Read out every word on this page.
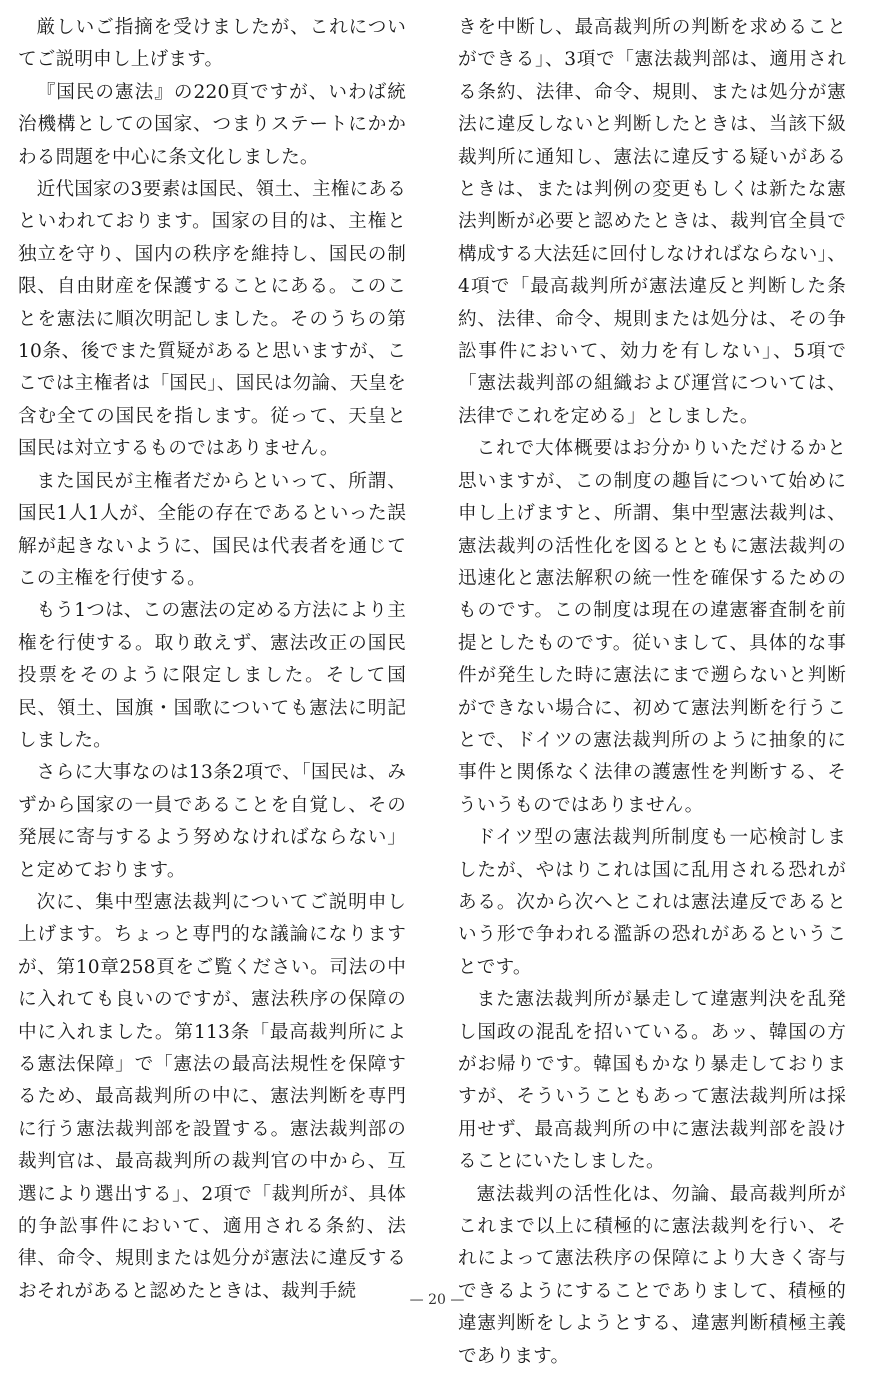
厳しいご指摘を受けましたが、これについてご説明申し上げます。

『国民の憲法』の220頁ですが、いわば統治機構としての国家、つまりステートにかかわる問題を中心に条文化しました。

近代国家の3要素は国民、領土、主権にあるといわれております。国家の目的は、主権と独立を守り、国内の秩序を維持し、国民の制限、自由財産を保護することにある。このことを憲法に順次明記しました。そのうちの第10条、後でまた質疑があると思いますが、ここでは主権者は「国民」、国民は勿論、天皇を含む全ての国民を指します。従って、天皇と国民は対立するものではありません。

また国民が主権者だからといって、所謂、国民1人1人が、全能の存在であるといった誤解が起きないように、国民は代表者を通じてこの主権を行使する。

もう1つは、この憲法の定める方法により主権を行使する。取り敢えず、憲法改正の国民投票をそのように限定しました。そして国民、領土、国旗・国歌についても憲法に明記しました。

さらに大事なのは13条2項で、「国民は、みずから国家の一員であることを自覚し、その発展に寄与するよう努めなければならない」と定めております。

次に、集中型憲法裁判についてご説明申し上げます。ちょっと専門的な議論になりますが、第10章258頁をご覧ください。司法の中に入れても良いのですが、憲法秩序の保障の中に入れました。第113条「最高裁判所による憲法保障」で「憲法の最高法規性を保障するため、最高裁判所の中に、憲法判断を専門に行う憲法裁判部を設置する。憲法裁判部の裁判官は、最高裁判所の裁判官の中から、互選により選出する」、2項で「裁判所が、具体的争訟事件において、適用される条約、法律、命令、規則または処分が憲法に違反するおそれがあると認めたときは、裁判手続

きを中断し、最高裁判所の判断を求めることができる」、3項で「憲法裁判部は、適用される条約、法律、命令、規則、または処分が憲法に違反しないと判断したときは、当該下級裁判所に通知し、憲法に違反する疑いがあるときは、または判例の変更もしくは新たな憲法判断が必要と認めたときは、裁判官全員で構成する大法廷に回付しなければならない」、4項で「最高裁判所が憲法違反と判断した条約、法律、命令、規則または処分は、その争訟事件において、効力を有しない」、5項で「憲法裁判部の組織および運営については、法律でこれを定める」としました。

これで大体概要はお分かりいただけるかと思いますが、この制度の趣旨について始めに申し上げますと、所謂、集中型憲法裁判は、憲法裁判の活性化を図るとともに憲法裁判の迅速化と憲法解釈の統一性を確保するためのものです。この制度は現在の違憲審査制を前提としたものです。従いまして、具体的な事件が発生した時に憲法にまで遡らないと判断ができない場合に、初めて憲法判断を行うことで、ドイツの憲法裁判所のように抽象的に事件と関係なく法律の護憲性を判断する、そういうものではありません。

ドイツ型の憲法裁判所制度も一応検討しましたが、やはりこれは国に乱用される恐れがある。次から次へとこれは憲法違反であるという形で争われる濫訴の恐れがあるということです。

また憲法裁判所が暴走して違憲判決を乱発し国政の混乱を招いている。あッ、韓国の方がお帰りです。韓国もかなり暴走しておりますが、そういうこともあって憲法裁判所は採用せず、最高裁判所の中に憲法裁判部を設けることにいたしました。

憲法裁判の活性化は、勿論、最高裁判所がこれまで以上に積極的に憲法裁判を行い、それによって憲法秩序の保障により大きく寄与できるようにすることでありまして、積極的違憲判断をしようとする、違憲判断積極主義であります。

— 20 —
